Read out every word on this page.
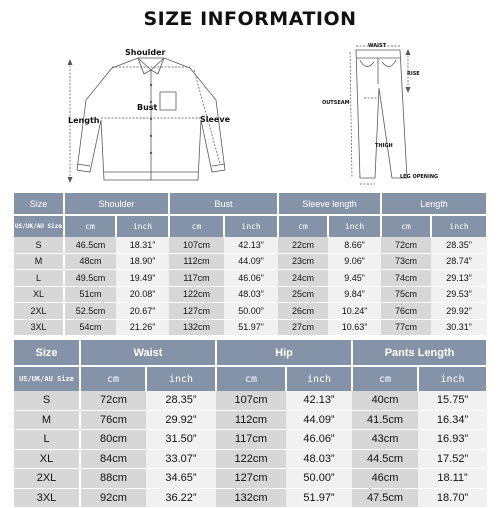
SIZE INFORMATION
Shoulder
Bust
Length	Sleeve
WAIST
RISE
OUTSEAM
THIGH
LEG OPENING
Size	Shoulder		Bust		Sleeve length		Length	
US/UK/AU Size	cm	inch	cm	inch	cm	inch	cm	inch
S	46.5cm	18.31”	107cm	42.13”	22cm	8.66”	72cm	28.35”
M	48cm	18.90”	112cm	44.09”	23cm	9.06”	73cm	28.74”
L	49.5cm	19.49”	117cm	46.06”	24cm	9.45”	74cm	29.13”
XL	51cm	20.08”	122cm	48.03”	25cm	9.84”	75cm	29.53”
2XL	52.5cm	20.67”	127cm	50.00”	26cm	10.24”	76cm	29.92”
3XL	54cm	21.26”	132cm	51.97”	27cm	10.63”	77cm	30.31”
Size	Waist		Hip		Pants Length	
US/UK/AU Size	cm	inch	cm	inch	cm	inch
S	72cm	28.35”	107cm	42.13”	40cm	15.75”
M	76cm	29.92”	112cm	44.09”	41.5cm	16.34”
L	80cm	31.50”	117cm	46.06”	43cm	16.93”
XL	84cm	33.07”	122cm	48.03”	44.5cm	17.52”
2XL	88cm	34.65”	127cm	50.00”	46cm	18.11”
3XL	92cm	36.22”	132cm	51.97”	47.5cm	18.70”
